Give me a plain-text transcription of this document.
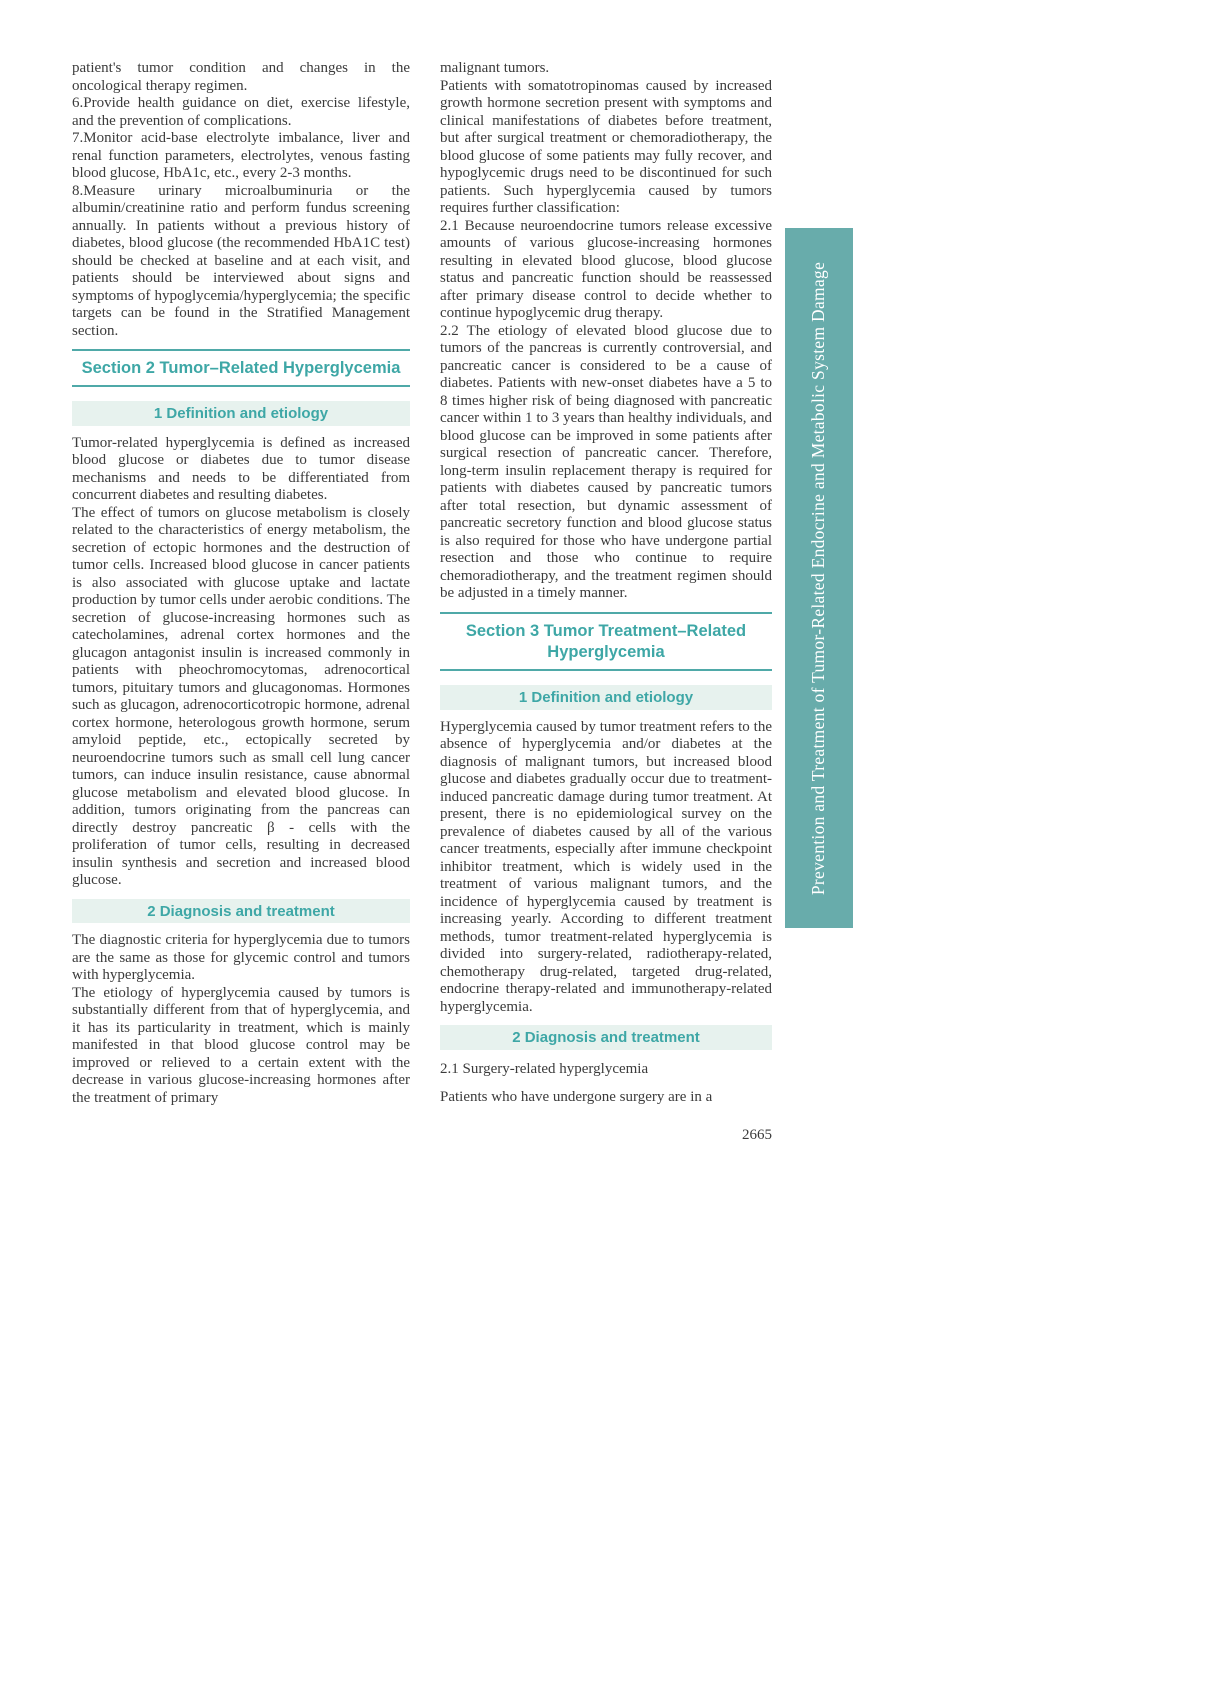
patient's tumor condition and changes in the oncological therapy regimen.

6.Provide health guidance on diet, exercise lifestyle, and the prevention of complications.

7.Monitor acid-base electrolyte imbalance, liver and renal function parameters, electrolytes, venous fasting blood glucose, HbA1c, etc., every 2-3 months.

8.Measure urinary microalbuminuria or the albumin/creatinine ratio and perform fundus screening annually. In patients without a previous history of diabetes, blood glucose (the recommended HbA1C test) should be checked at baseline and at each visit, and patients should be interviewed about signs and symptoms of hypoglycemia/hyperglycemia; the specific targets can be found in the Stratified Management section.

Section 2 Tumor–Related Hyperglycemia
1 Definition and etiology

Tumor-related hyperglycemia is defined as increased blood glucose or diabetes due to tumor disease mechanisms and needs to be differentiated from concurrent diabetes and resulting diabetes.

The effect of tumors on glucose metabolism is closely related to the characteristics of energy metabolism, the secretion of ectopic hormones and the destruction of tumor cells. Increased blood glucose in cancer patients is also associated with glucose uptake and lactate production by tumor cells under aerobic conditions. The secretion of glucose-increasing hormones such as catecholamines, adrenal cortex hormones and the glucagon antagonist insulin is increased commonly in patients with pheochromocytomas, adrenocortical tumors, pituitary tumors and glucagonomas. Hormones such as glucagon, adrenocorticotropic hormone, adrenal cortex hormone, heterologous growth hormone, serum amyloid peptide, etc., ectopically secreted by neuroendocrine tumors such as small cell lung cancer tumors, can induce insulin resistance, cause abnormal glucose metabolism and elevated blood glucose. In addition, tumors originating from the pancreas can directly destroy pancreatic β - cells with the proliferation of tumor cells, resulting in decreased insulin synthesis and secretion and increased blood glucose.

2 Diagnosis and treatment

The diagnostic criteria for hyperglycemia due to tumors are the same as those for glycemic control and tumors with hyperglycemia.

The etiology of hyperglycemia caused by tumors is substantially different from that of hyperglycemia, and it has its particularity in treatment, which is mainly manifested in that blood glucose control may be improved or relieved to a certain extent with the decrease in various glucose-increasing hormones after the treatment of primary

malignant tumors.

Patients with somatotropinomas caused by increased growth hormone secretion present with symptoms and clinical manifestations of diabetes before treatment, but after surgical treatment or chemoradiotherapy, the blood glucose of some patients may fully recover, and hypoglycemic drugs need to be discontinued for such patients. Such hyperglycemia caused by tumors requires further classification:

2.1 Because neuroendocrine tumors release excessive amounts of various glucose-increasing hormones resulting in elevated blood glucose, blood glucose status and pancreatic function should be reassessed after primary disease control to decide whether to continue hypoglycemic drug therapy.

2.2 The etiology of elevated blood glucose due to tumors of the pancreas is currently controversial, and pancreatic cancer is considered to be a cause of diabetes. Patients with new-onset diabetes have a 5 to 8 times higher risk of being diagnosed with pancreatic cancer within 1 to 3 years than healthy individuals, and blood glucose can be improved in some patients after surgical resection of pancreatic cancer. Therefore, long-term insulin replacement therapy is required for patients with diabetes caused by pancreatic tumors after total resection, but dynamic assessment of pancreatic secretory function and blood glucose status is also required for those who have undergone partial resection and those who continue to require chemoradiotherapy, and the treatment regimen should be adjusted in a timely manner.

Section 3 Tumor Treatment–Related Hyperglycemia
1 Definition and etiology

Hyperglycemia caused by tumor treatment refers to the absence of hyperglycemia and/or diabetes at the diagnosis of malignant tumors, but increased blood glucose and diabetes gradually occur due to treatment-induced pancreatic damage during tumor treatment. At present, there is no epidemiological survey on the prevalence of diabetes caused by all of the various cancer treatments, especially after immune checkpoint inhibitor treatment, which is widely used in the treatment of various malignant tumors, and the incidence of hyperglycemia caused by treatment is increasing yearly. According to different treatment methods, tumor treatment-related hyperglycemia is divided into surgery-related, radiotherapy-related, chemotherapy drug-related, targeted drug-related, endocrine therapy-related and immunotherapy-related hyperglycemia.

2 Diagnosis and treatment

2.1 Surgery-related hyperglycemia

Patients who have undergone surgery are in a

Prevention and Treatment of Tumor-Related Endocrine and Metabolic System Damage
2665
